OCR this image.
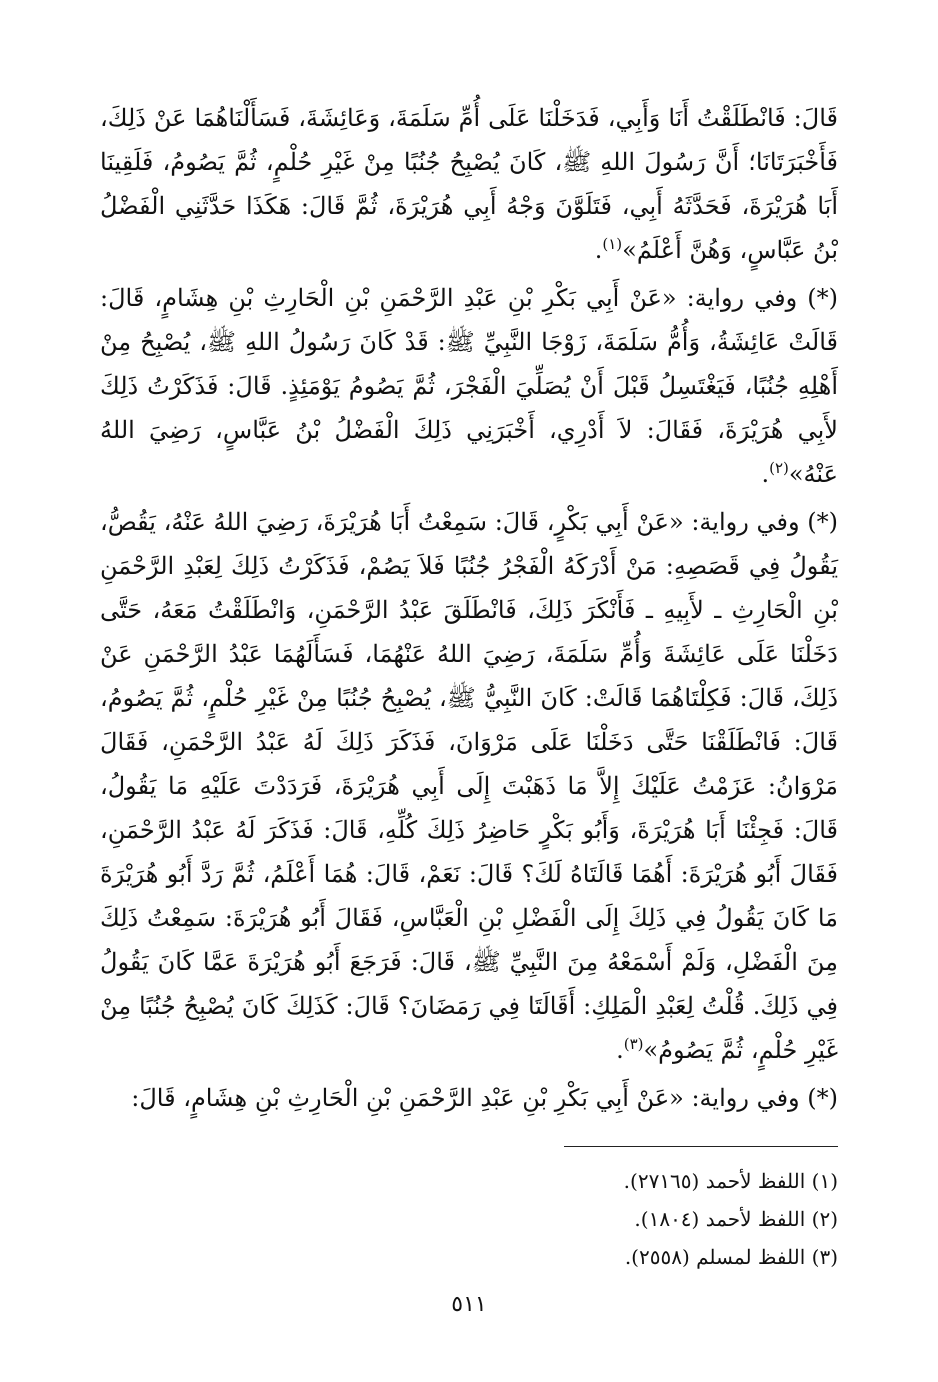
قَالَ: فَانْطَلَقْتُ أَنَا وَأَبِي، فَدَخَلْنَا عَلَى أُمِّ سَلَمَةَ، وَعَائِشَةَ، فَسَأَلْنَاهُمَا عَنْ ذَلِكَ، فَأَخْبَرَتَانَا؛ أَنَّ رَسُولَ اللهِ ﷺ، كَانَ يُصْبِحُ جُنُبًا مِنْ غَيْرِ حُلْمٍ، ثُمَّ يَصُومُ، فَلَقِينَا أَبَا هُرَيْرَةَ، فَحَدَّثَهُ أَبِي، فَتَلَوَّنَ وَجْهُ أَبِي هُرَيْرَةَ، ثُمَّ قَالَ: هَكَذَا حَدَّثَنِي الْفَضْلُ بْنُ عَبَّاسٍ، وَهُنَّ أَعْلَمُ»$^{(١)}$.

(*) وفي رواية: «عَنْ أَبِي بَكْرِ بْنِ عَبْدِ الرَّحْمَنِ بْنِ الْحَارِثِ بْنِ هِشَامٍ، قَالَ: قَالَتْ عَائِشَةُ، وَأُمُّ سَلَمَةَ، زَوْجَا النَّبِيِّ ﷺ: قَدْ كَانَ رَسُولُ اللهِ ﷺ، يُصْبِحُ مِنْ أَهْلِهِ جُنُبًا، فَيَغْتَسِلُ قَبْلَ أَنْ يُصَلِّيَ الْفَجْرَ، ثُمَّ يَصُومُ يَوْمَئِذٍ. قَالَ: فَذَكَرْتُ ذَلِكَ لأَبِي هُرَيْرَةَ، فَقَالَ: لاَ أَدْرِي، أَخْبَرَنِي ذَلِكَ الْفَضْلُ بْنُ عَبَّاسٍ، رَضِيَ اللهُ عَنْهُ»$^{(٢)}$.

(*) وفي رواية: «عَنْ أَبِي بَكْرٍ، قَالَ: سَمِعْتُ أَبَا هُرَيْرَةَ، رَضِيَ اللهُ عَنْهُ، يَقُصُّ، يَقُولُ فِي قَصَصِهِ: مَنْ أَدْرَكَهُ الْفَجْرُ جُنُبًا فَلاَ يَصُمْ، فَذَكَرْتُ ذَلِكَ لِعَبْدِ الرَّحْمَنِ بْنِ الْحَارِثِ ـ لأَبِيهِ ـ فَأَنْكَرَ ذَلِكَ، فَانْطَلَقَ عَبْدُ الرَّحْمَنِ، وَانْطَلَقْتُ مَعَهُ، حَتَّى دَخَلْنَا عَلَى عَائِشَةَ وَأُمِّ سَلَمَةَ، رَضِيَ اللهُ عَنْهُمَا، فَسَأَلَهُمَا عَبْدُ الرَّحْمَنِ عَنْ ذَلِكَ، قَالَ: فَكِلْتَاهُمَا قَالَتْ: كَانَ النَّبِيُّ ﷺ، يُصْبِحُ جُنُبًا مِنْ غَيْرِ حُلْمٍ، ثُمَّ يَصُومُ، قَالَ: فَانْطَلَقْنَا حَتَّى دَخَلْنَا عَلَى مَرْوَانَ، فَذَكَرَ ذَلِكَ لَهُ عَبْدُ الرَّحْمَنِ، فَقَالَ مَرْوَانُ: عَزَمْتُ عَلَيْكَ إِلاَّ مَا ذَهَبْتَ إِلَى أَبِي هُرَيْرَةَ، فَرَدَدْتَ عَلَيْهِ مَا يَقُولُ، قَالَ: فَجِئْنَا أَبَا هُرَيْرَةَ، وَأَبُو بَكْرٍ حَاضِرُ ذَلِكَ كُلِّهِ، قَالَ: فَذَكَرَ لَهُ عَبْدُ الرَّحْمَنِ، فَقَالَ أَبُو هُرَيْرَةَ: أَهُمَا قَالَتَاهُ لَكَ؟ قَالَ: نَعَمْ، قَالَ: هُمَا أَعْلَمُ، ثُمَّ رَدَّ أَبُو هُرَيْرَةَ مَا كَانَ يَقُولُ فِي ذَلِكَ إِلَى الْفَضْلِ بْنِ الْعَبَّاسِ، فَقَالَ أَبُو هُرَيْرَةَ: سَمِعْتُ ذَلِكَ مِنَ الْفَضْلِ، وَلَمْ أَسْمَعْهُ مِنَ النَّبِيِّ ﷺ، قَالَ: فَرَجَعَ أَبُو هُرَيْرَةَ عَمَّا كَانَ يَقُولُ فِي ذَلِكَ. قُلْتُ لِعَبْدِ الْمَلِكِ: أَقَالَتَا فِي رَمَضَانَ؟ قَالَ: كَذَلِكَ كَانَ يُصْبِحُ جُنُبًا مِنْ غَيْرِ حُلْمٍ، ثُمَّ يَصُومُ»$^{(٣)}$.

(*) وفي رواية: «عَنْ أَبِي بَكْرِ بْنِ عَبْدِ الرَّحْمَنِ بْنِ الْحَارِثِ بْنِ هِشَامٍ، قَالَ:

(١) اللفظ لأحمد (٢٧١٦٥).

(٢) اللفظ لأحمد (١٨٠٤).

(٣) اللفظ لمسلم (٢٥٥٨).

٥١١
